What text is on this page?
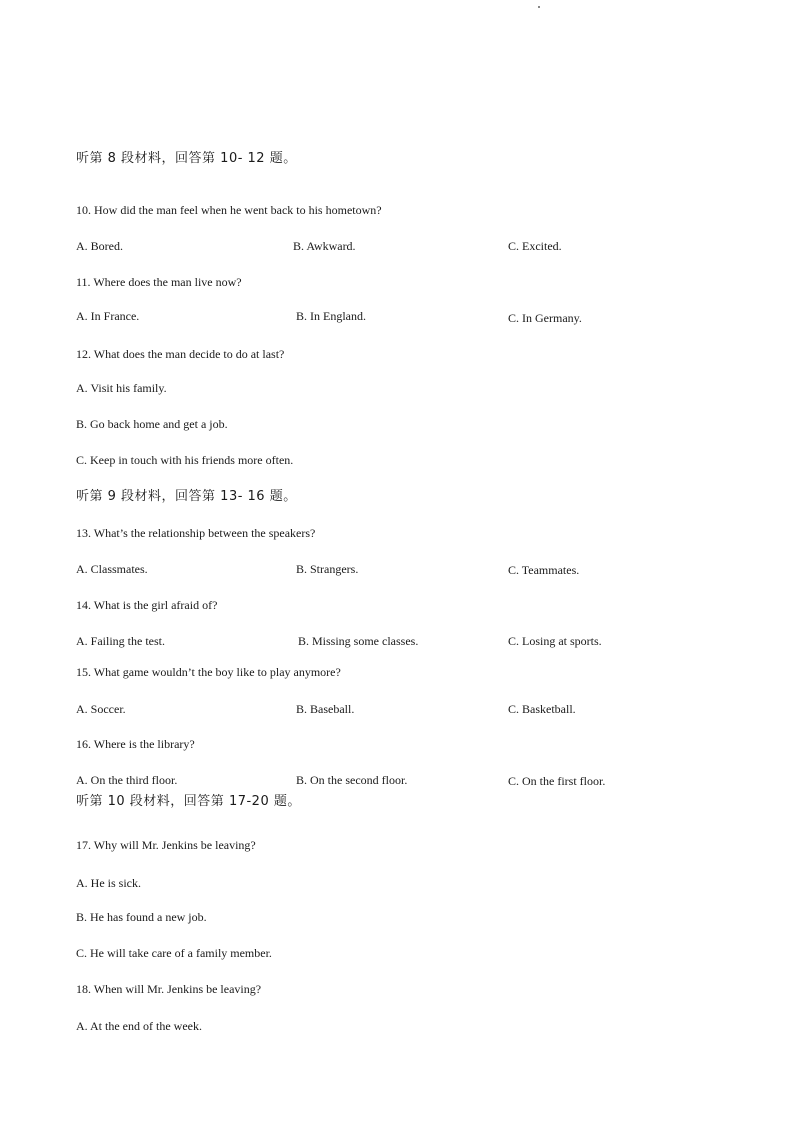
听第 8 段材料，回答第 10- 12 题。
10. How did the man feel when he went back to his hometown?
A. Bored.	B. Awkward.	C. Excited.
11. Where does the man live now?
A. In France.	B. In England.	C. In Germany.
12. What does the man decide to do at last?
A. Visit his family.
B. Go back home and get a job.
C. Keep in touch with his friends more often.
听第 9 段材料，回答第 13- 16 题。
13. What’s the relationship between the speakers?
A. Classmates.	B. Strangers.	C. Teammates.
14. What is the girl afraid of?
A. Failing the test.	B. Missing some classes.	C. Losing at sports.
15. What game wouldn’t the boy like to play anymore?
A. Soccer.	B. Baseball.	C. Basketball.
16. Where is the library?
A. On the third floor.	B. On the second floor.	C. On the first floor.
听第 10 段材料，回答第 17-20 题。
17. Why will Mr. Jenkins be leaving?
A. He is sick.
B. He has found a new job.
C. He will take care of a family member.
18. When will Mr. Jenkins be leaving?
A. At the end of the week.
